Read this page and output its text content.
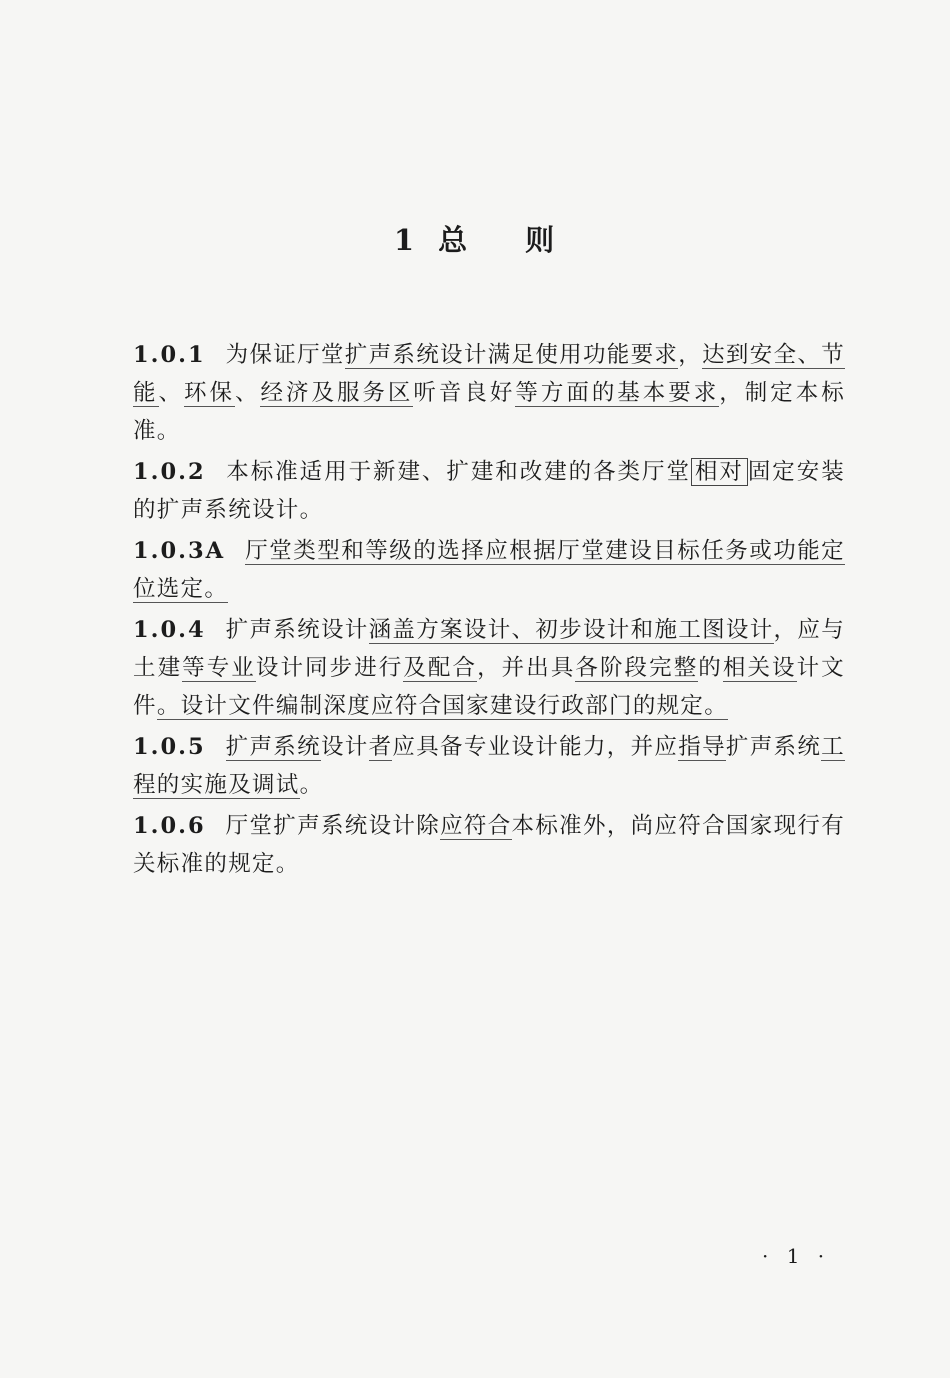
1 总 则

1.0.1 为保证厅堂扩声系统设计满足使用功能要求，达到安全、节能、环保、经济及服务区听音良好等方面的基本要求，制定本标准。

1.0.2 本标准适用于新建、扩建和改建的各类厅堂 相对 固定安装的扩声系统设计。

1.0.3A 厅堂类型和等级的选择应根据厅堂建设目标任务或功能定位选定。

1.0.4 扩声系统设计涵盖方案设计、初步设计和施工图设计，应与土建等专业设计同步进行及配合，并出具各阶段完整的相关设计文件。设计文件编制深度应符合国家建设行政部门的规定。

1.0.5 扩声系统设计者应具备专业设计能力，并应指导扩声系统工程的实施及调试。

1.0.6 厅堂扩声系统设计除应符合本标准外，尚应符合国家现行有关标准的规定。

· 1 ·
